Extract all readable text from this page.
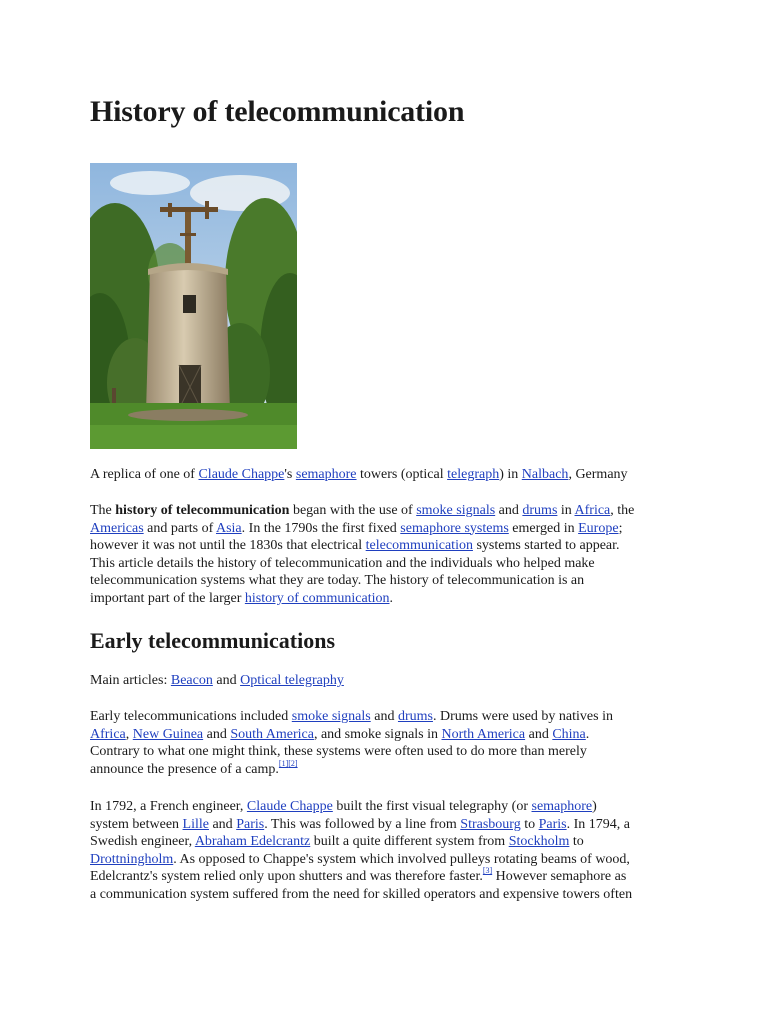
History of telecommunication
A replica of one of Claude Chappe's semaphore towers (optical telegraph) in Nalbach, Germany
The history of telecommunication began with the use of smoke signals and drums in Africa, the
Americas and parts of Asia. In the 1790s the first fixed semaphore systems emerged in Europe;
however it was not until the 1830s that electrical telecommunication systems started to appear.
This article details the history of telecommunication and the individuals who helped make
telecommunication systems what they are today. The history of telecommunication is an
important part of the larger history of communication.
Early telecommunications
Main articles: Beacon and Optical telegraphy
Early telecommunications included smoke signals and drums. Drums were used by natives in
Africa, New Guinea and South America, and smoke signals in North America and China.
Contrary to what one might think, these systems were often used to do more than merely
announce the presence of a camp.[1][2]
In 1792, a French engineer, Claude Chappe built the first visual telegraphy (or semaphore)
system between Lille and Paris. This was followed by a line from Strasbourg to Paris. In 1794, a
Swedish engineer, Abraham Edelcrantz built a quite different system from Stockholm to
Drottningholm. As opposed to Chappe's system which involved pulleys rotating beams of wood,
Edelcrantz's system relied only upon shutters and was therefore faster.[3] However semaphore as
a communication system suffered from the need for skilled operators and expensive towers often
